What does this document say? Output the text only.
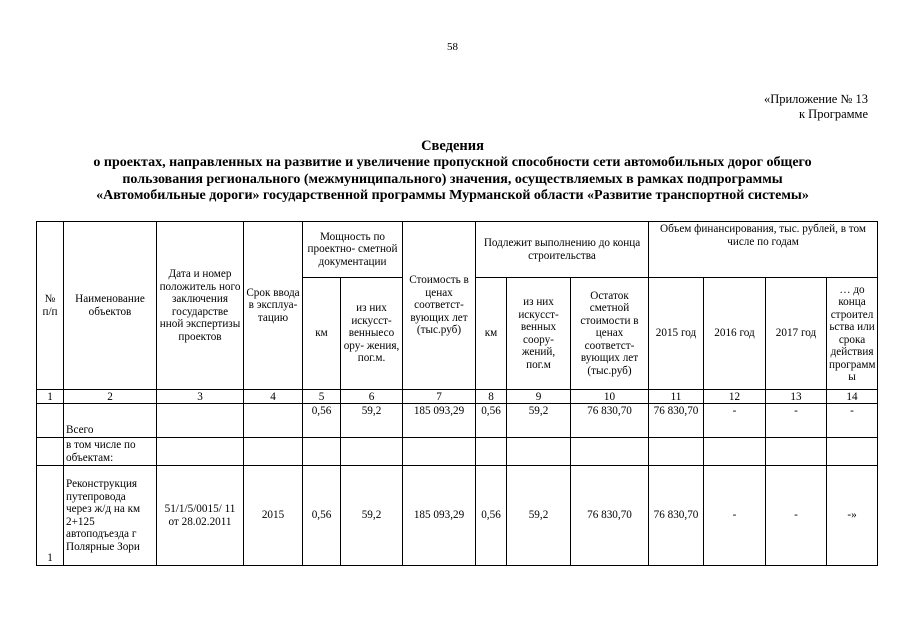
58
«Приложение № 13
к Программе
Сведения
о проектах, направленных на развитие и увеличение пропускной способности сети автомобильных дорог общего
пользования регионального (межмуниципального) значения, осуществляемых в рамках подпрограммы
«Автомобильные дороги» государственной программы Мурманской области «Развитие транспортной системы»
№ п/п	Наименование объектов	Дата и номер положитель ного заключения государстве нной экспертизы проектов	Срок ввода в эксплуа- тацию	Мощность по проектно- сметной документации		Стоимость в ценах соответст- вующих лет (тыс.руб)	Подлежит выполнению до конца строительства			Объем финансирования, тыс. рублей, в том числе по годам			
				км	из них искусст- венныесо ору- жения, пог.м.		км	из них искусст- венных соору- жений, пог.м	Остаток сметной стоимости в ценах соответст- вующих лет (тыс.руб)	2015 год	2016 год	2017 год	… до конца строител ьства или срока действия программ ы
1	2	3	4	5	6	7	8	9	10	11	12	13	14
	Всего			0,56	59,2	185 093,29	0,56	59,2	76 830,70	76 830,70	-	-	-
	в том числе по объектам:												
1	Реконструкция путепровода через ж/д на км 2+125 автоподъезда г Полярные Зори	51/1/5/0015/ 11 от 28.02.2011	2015	0,56	59,2	185 093,29	0,56	59,2	76 830,70	76 830,70	-	-	-»
